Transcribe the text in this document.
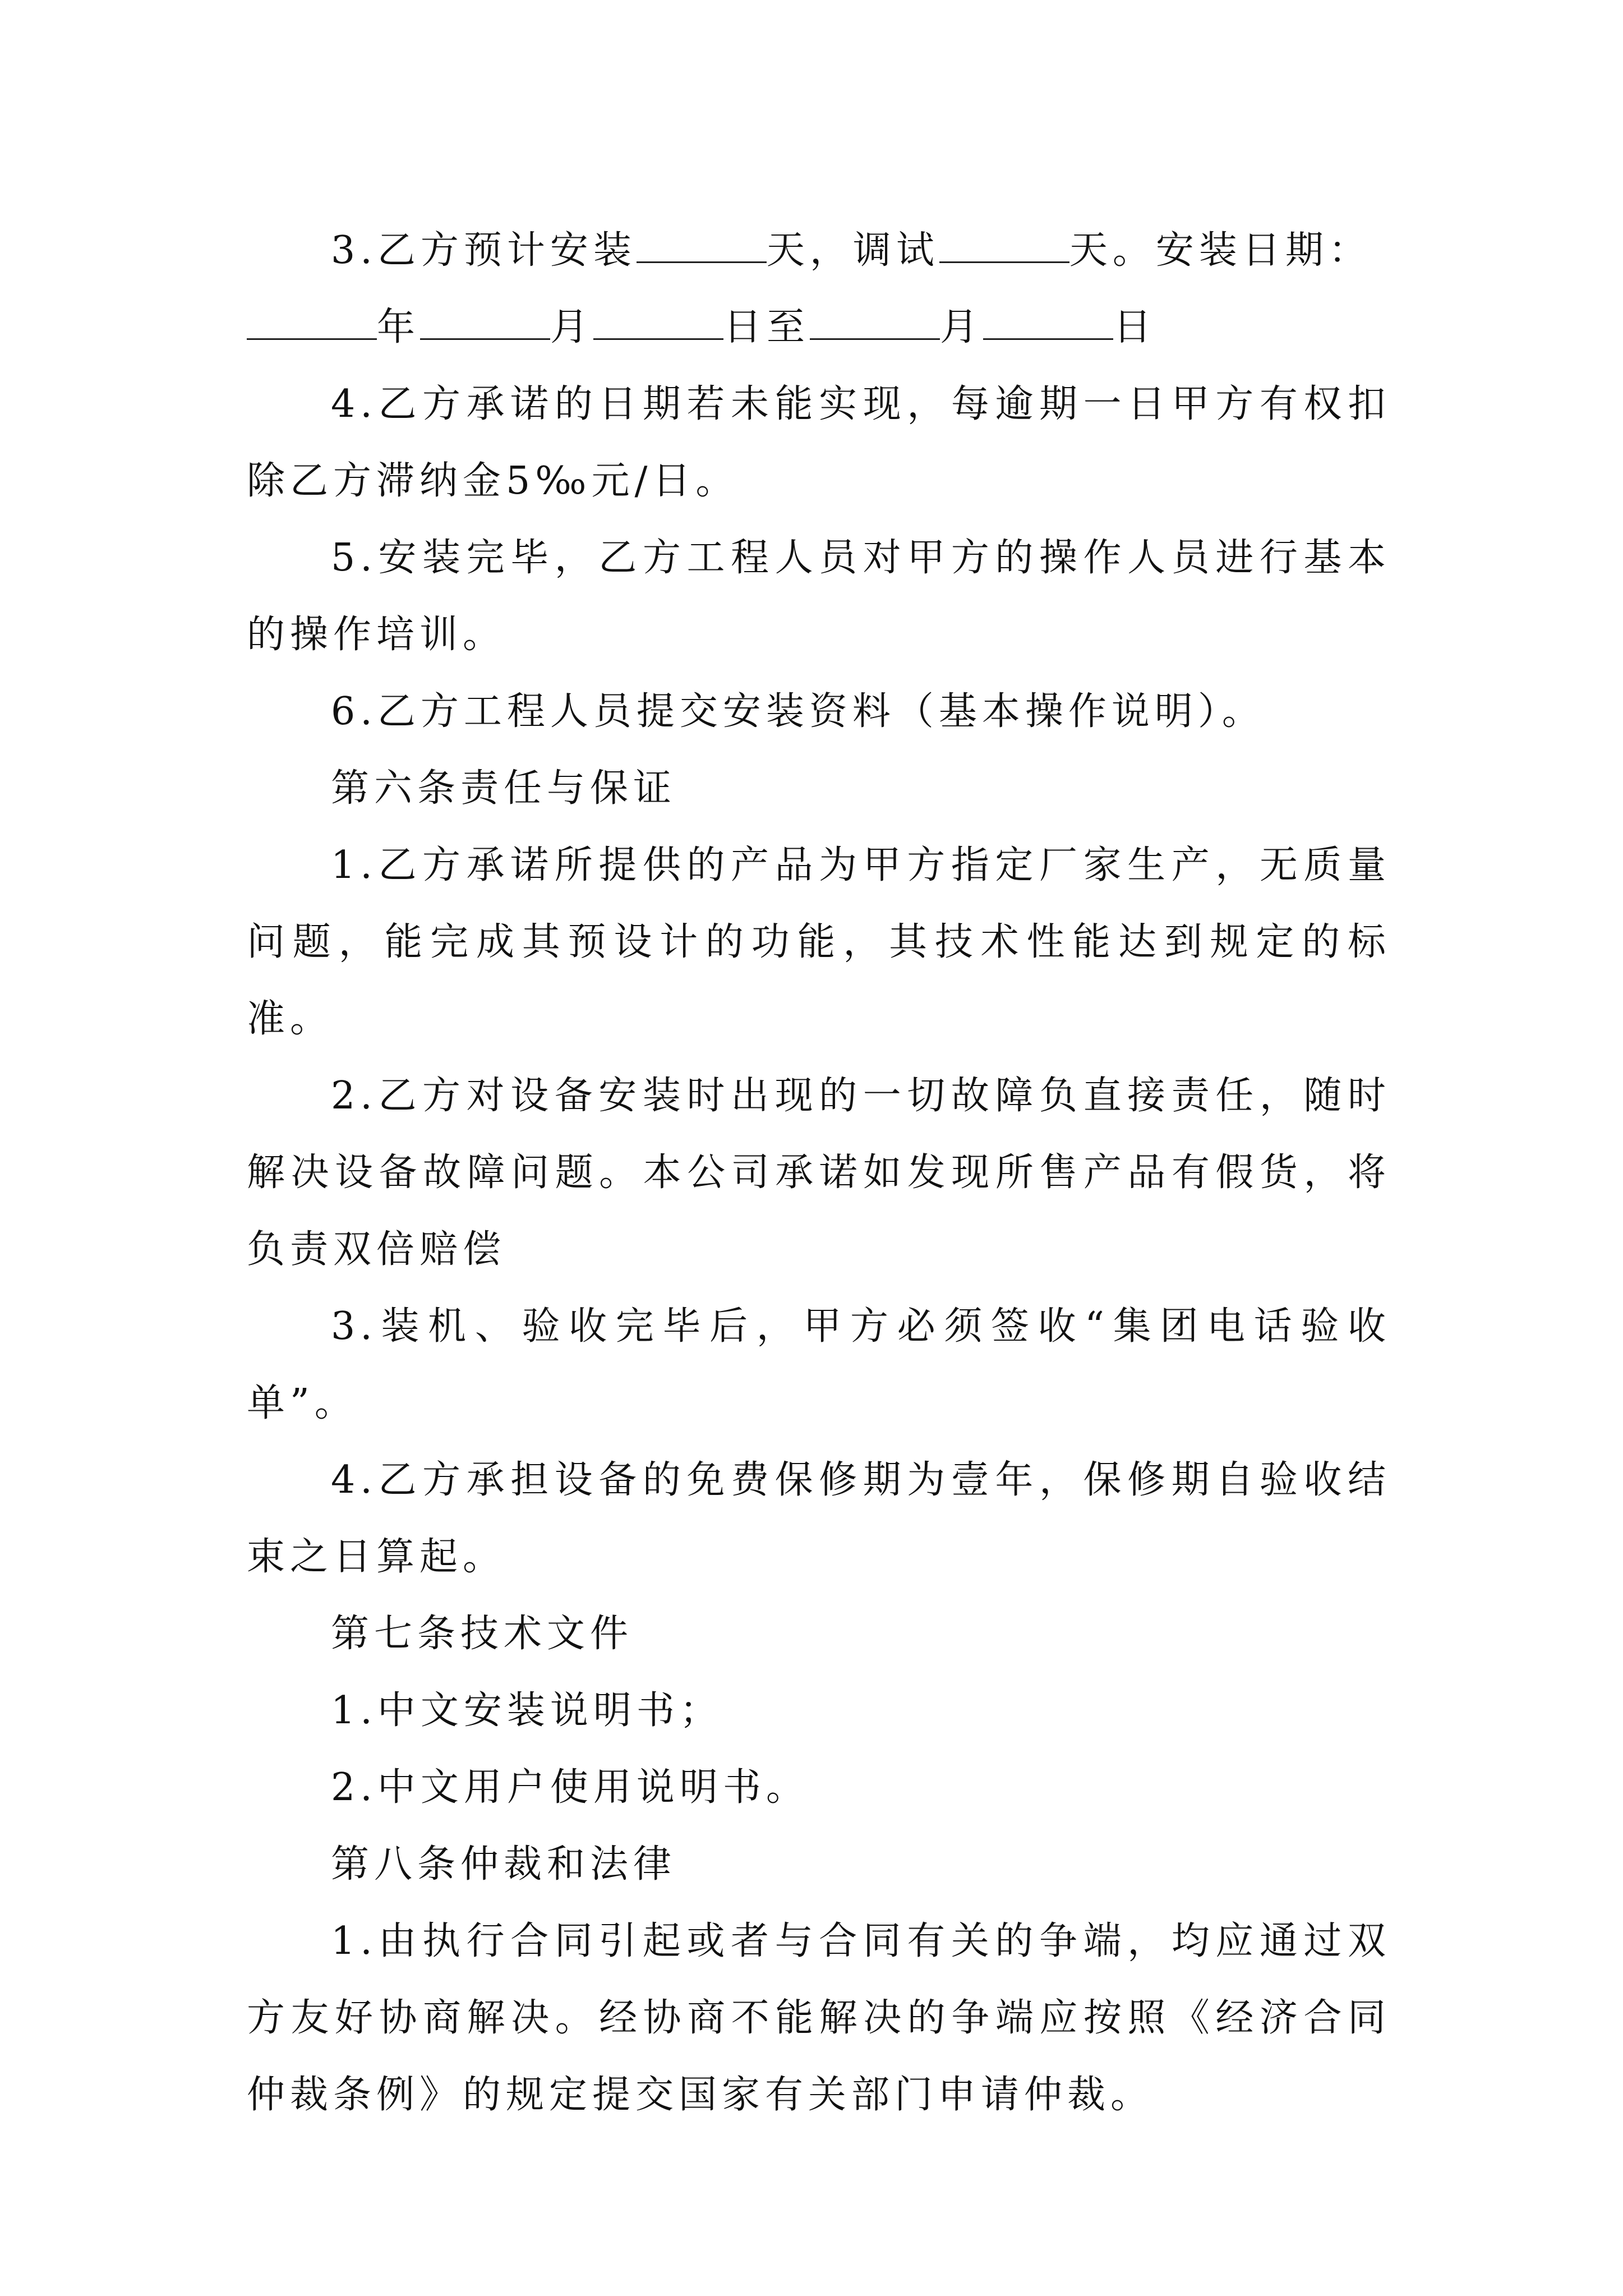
3.乙方预计安装	天，调试	天。安装日期：

年	月	日至	月	日

4.乙方承诺的日期若未能实现，每逾期一日甲方有权扣除乙方滞纳金5‰元/日。

5.安装完毕，乙方工程人员对甲方的操作人员进行基本的操作培训。

6.乙方工程人员提交安装资料（基本操作说明）。

第六条责任与保证

1.乙方承诺所提供的产品为甲方指定厂家生产，无质量问题，能完成其预设计的功能，其技术性能达到规定的标准。

2.乙方对设备安装时出现的一切故障负直接责任，随时解决设备故障问题。本公司承诺如发现所售产品有假货，将负责双倍赔偿

3.装机、验收完毕后，甲方必须签收“集团电话验收单”。

4.乙方承担设备的免费保修期为壹年，保修期自验收结束之日算起。

第七条技术文件

1.中文安装说明书；

2.中文用户使用说明书。

第八条仲裁和法律

1.由执行合同引起或者与合同有关的争端，均应通过双方友好协商解决。经协商不能解决的争端应按照《经济合同仲裁条例》的规定提交国家有关部门申请仲裁。
